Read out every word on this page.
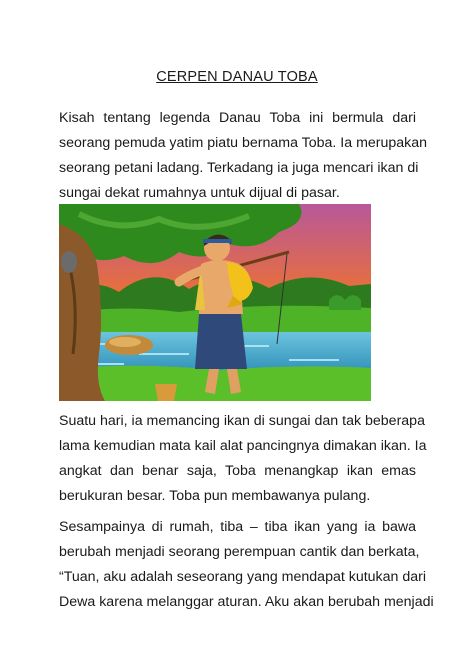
CERPEN DANAU TOBA
Kisah tentang legenda Danau Toba ini bermula dari
seorang pemuda yatim piatu bernama Toba. Ia merupakan
seorang petani ladang. Terkadang ia juga mencari ikan di
sungai dekat rumahnya untuk dijual di pasar.
Suatu hari, ia memancing ikan di sungai dan tak beberapa
lama kemudian mata kail alat pancingnya dimakan ikan. Ia
angkat dan benar saja, Toba menangkap ikan emas
berukuran besar. Toba pun membawanya pulang.
Sesampainya di rumah, tiba – tiba ikan yang ia bawa
berubah menjadi seorang perempuan cantik dan berkata,
“Tuan, aku adalah seseorang yang mendapat kutukan dari
Dewa karena melanggar aturan. Aku akan berubah menjadi
